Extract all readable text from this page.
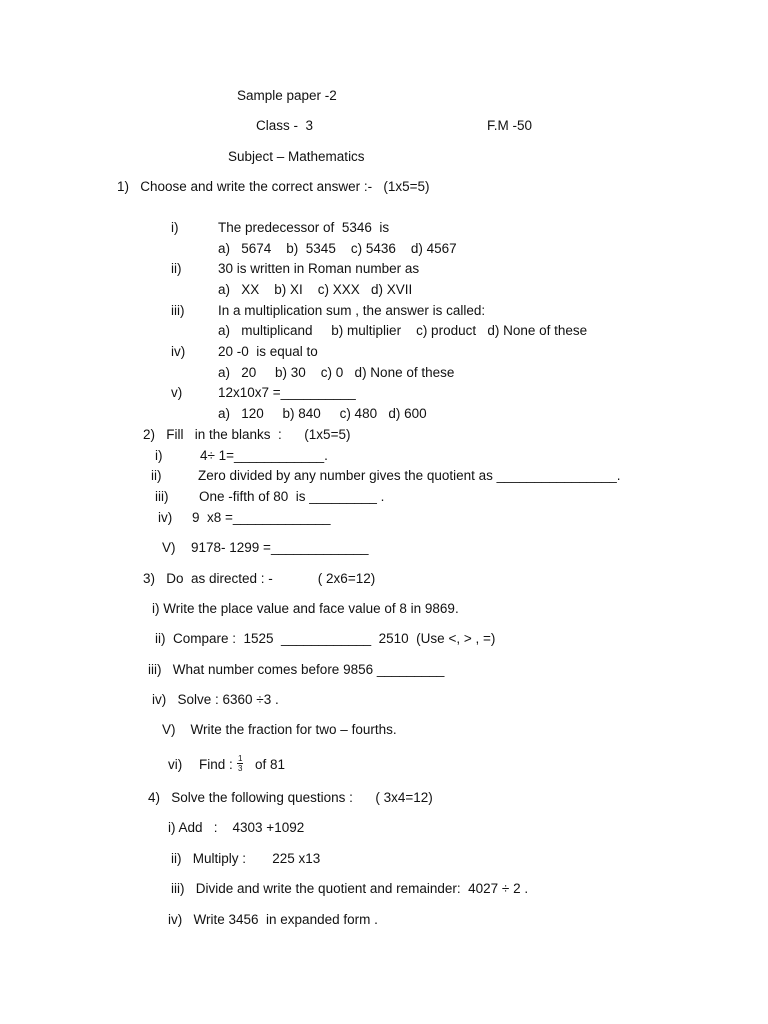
Sample paper -2
Class -  3	F.M -50
Subject – Mathematics
1)   Choose and write the correct answer :-   (1x5=5)
i)	The predecessor of  5346  is
a)   5674    b)  5345    c) 5436    d) 4567
ii)	30 is written in Roman number as
a)   XX    b) XI    c) XXX   d) XVII
iii) In a multiplication sum , the answer is called:
a)   multiplicand     b) multiplier    c) product   d) None of these
iv) 20 -0  is equal to
a)   20     b) 30    c) 0   d) None of these
v)	12x10x7 =__________
a)   120     b) 840     c) 480   d) 600
2)   Fill   in the blanks  :      (1x5=5)
i)	4÷ 1=____________.
ii)	Zero divided by any number gives the quotient as ________________.
iii) One -fifth of 80  is _________ .
iv) 9  x8 =_____________
V) 9178- 1299 =_____________
3)   Do  as directed : -            ( 2x6=12)
i) Write the place value and face value of 8 in 9869.
ii)  Compare :  1525  ____________  2510  (Use <, > , =)
iii)   What number comes before 9856 _________
iv)   Solve : 6360 ÷3 .
V)    Write the fraction for two – fourths.
vi) Find : $\frac{1}{3}$ of 81
4)   Solve the following questions :      ( 3x4=12)
i) Add   :    4303 +1092
ii)   Multiply :       225 x13
iii)   Divide and write the quotient and remainder:  4027 ÷ 2 .
iv)   Write 3456  in expanded form .
